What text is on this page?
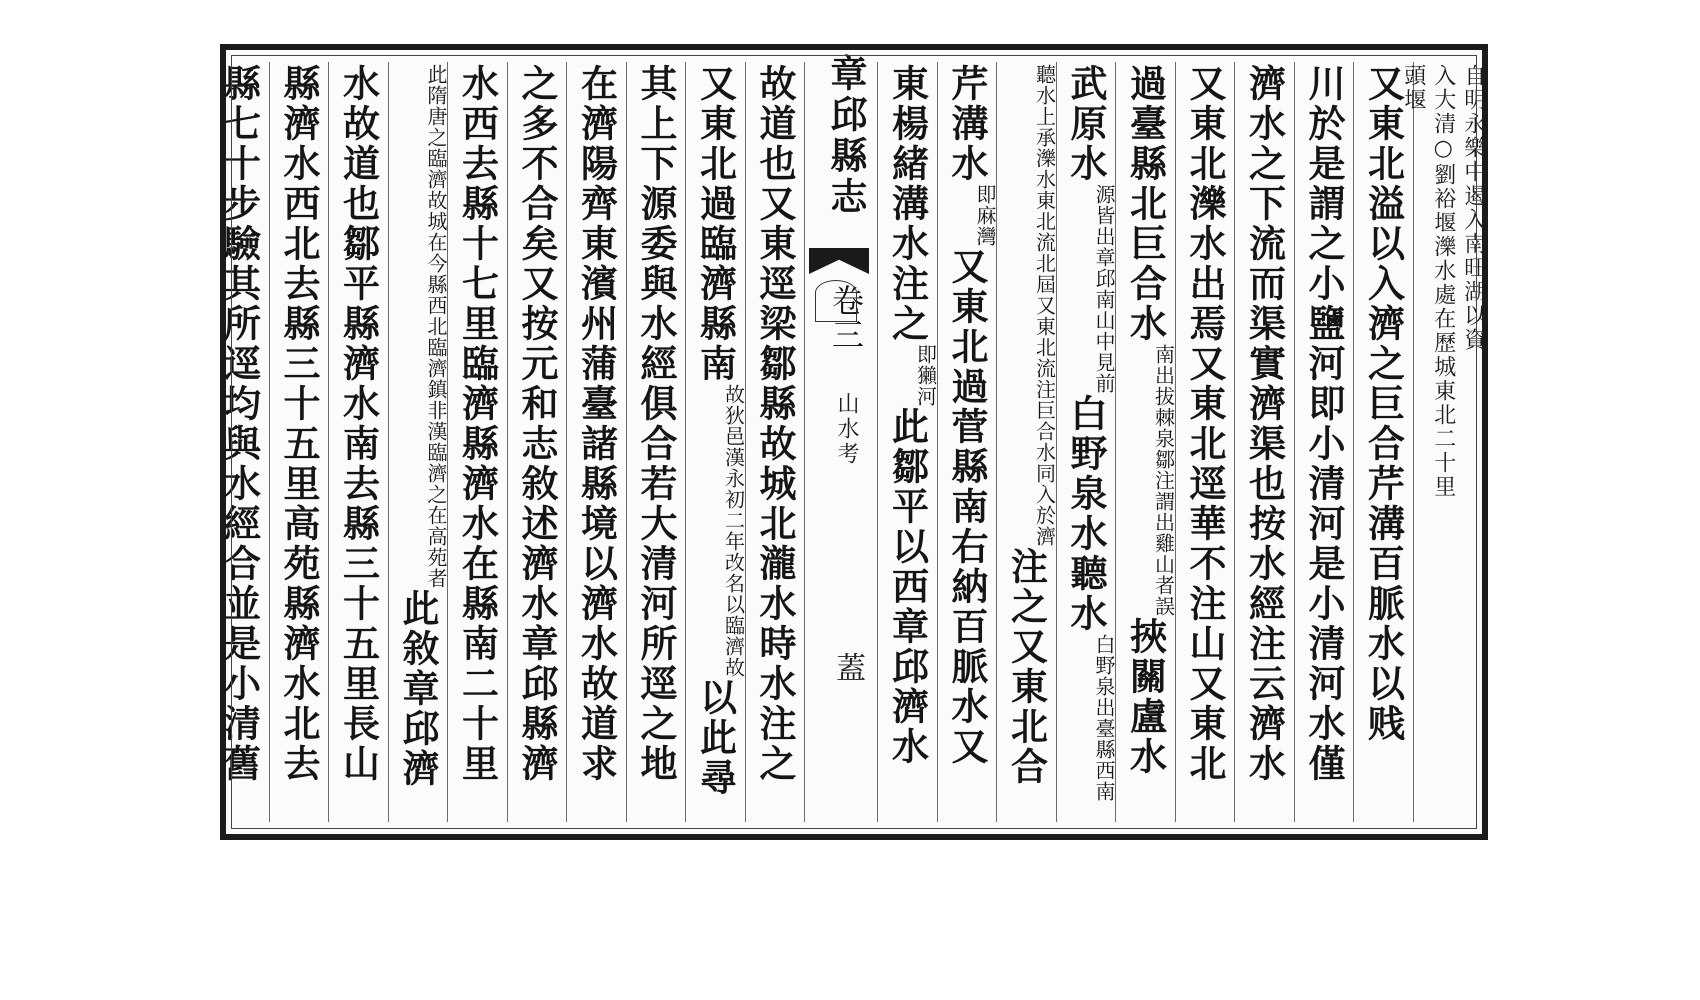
自明永樂中遏入南旺湖以資
入大清○劉裕堰濼水處在歷城東北二十里
頭堰
又東北溢以入濟之巨合芹溝百脈水以贱
川於是謂之小鹽河即小清河是小清河水僅
濟水之下流而渠實濟渠也按水經注云濟水
又東北濼水出焉又東北逕華不注山又東北
過臺縣北巨合水南出拔棘泉鄒注謂出雞山者誤挾關盧水
武原水源皆出章邱南山中見前白野泉水聽水白野泉出臺縣西南
聽水上承濼水東北流北屆又東北流注巨合水同入於濟注之又東北合
芹溝水即麻灣又東北過菅縣南右納百脈水又
東楊緒溝水注之即獺河此鄒平以西章邱濟水
章邱縣志
卷三
山水考
蓋
故道也又東逕梁鄒縣故城北瀧水時水注之
又東北過臨濟縣南故狄邑漢永初二年改名以臨濟故以此尋
其上下源委與水經俱合若大清河所逕之地
在濟陽齊東濱州蒲臺諸縣境以濟水故道求
之多不合矣又按元和志敘述濟水章邱縣濟
水西去縣十七里臨濟縣濟水在縣南二十里
此隋唐之臨濟故城在今縣西北臨濟鎮非漢臨濟之在高苑者此敘章邱濟
水故道也鄒平縣濟水南去縣三十五里長山
縣濟水西北去縣三十五里高苑縣濟水北去
縣七十步驗其所逕均與水經合並是小清舊
